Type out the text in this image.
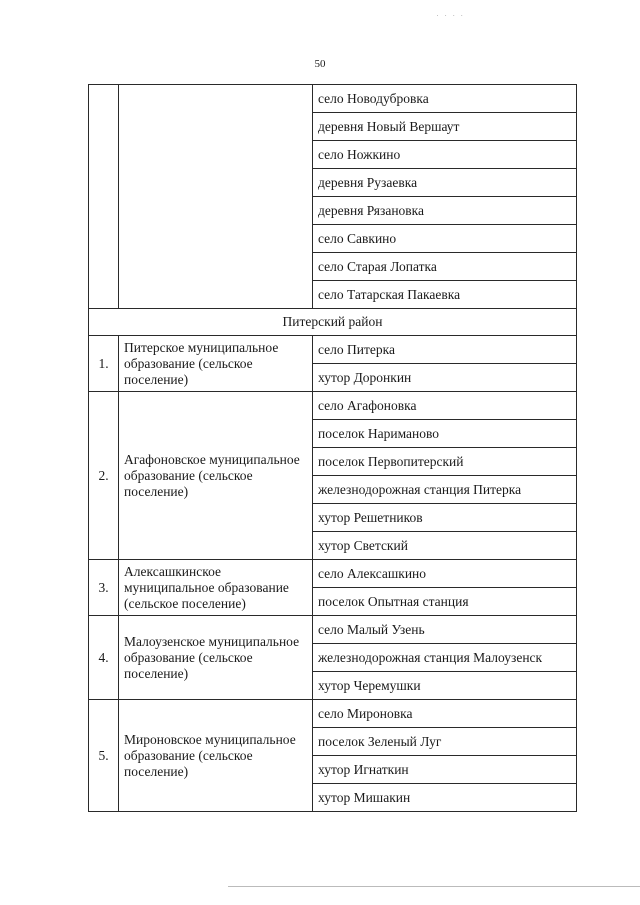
· · · ·
50
		село Новодубровка
		деревня Новый Вершаут
		село Ножкино
		деревня Рузаевка
		деревня Рязановка
		село Савкино
		село Старая Лопатка
		село Татарская Пакаевка
Питерский район		
1.	Питерское муниципальное образование (сельское поселение)	село Питерка
		хутор Доронкин
2.	Агафоновское муниципальное образование (сельское поселение)	село Агафоновка
		поселок Нариманово
		поселок Первопитерский
		железнодорожная станция Питерка
		хутор Решетников
		хутор Светский
3.	Алексашкинское муниципальное образование (сельское поселение)	село Алексашкино
		поселок Опытная станция
4.	Малоузенское муниципальное образование (сельское поселение)	село Малый Узень
		железнодорожная станция Малоузенск
		хутор Черемушки
5.	Мироновское муниципальное образование (сельское поселение)	село Мироновка
		поселок Зеленый Луг
		хутор Игнаткин
		хутор Мишакин
